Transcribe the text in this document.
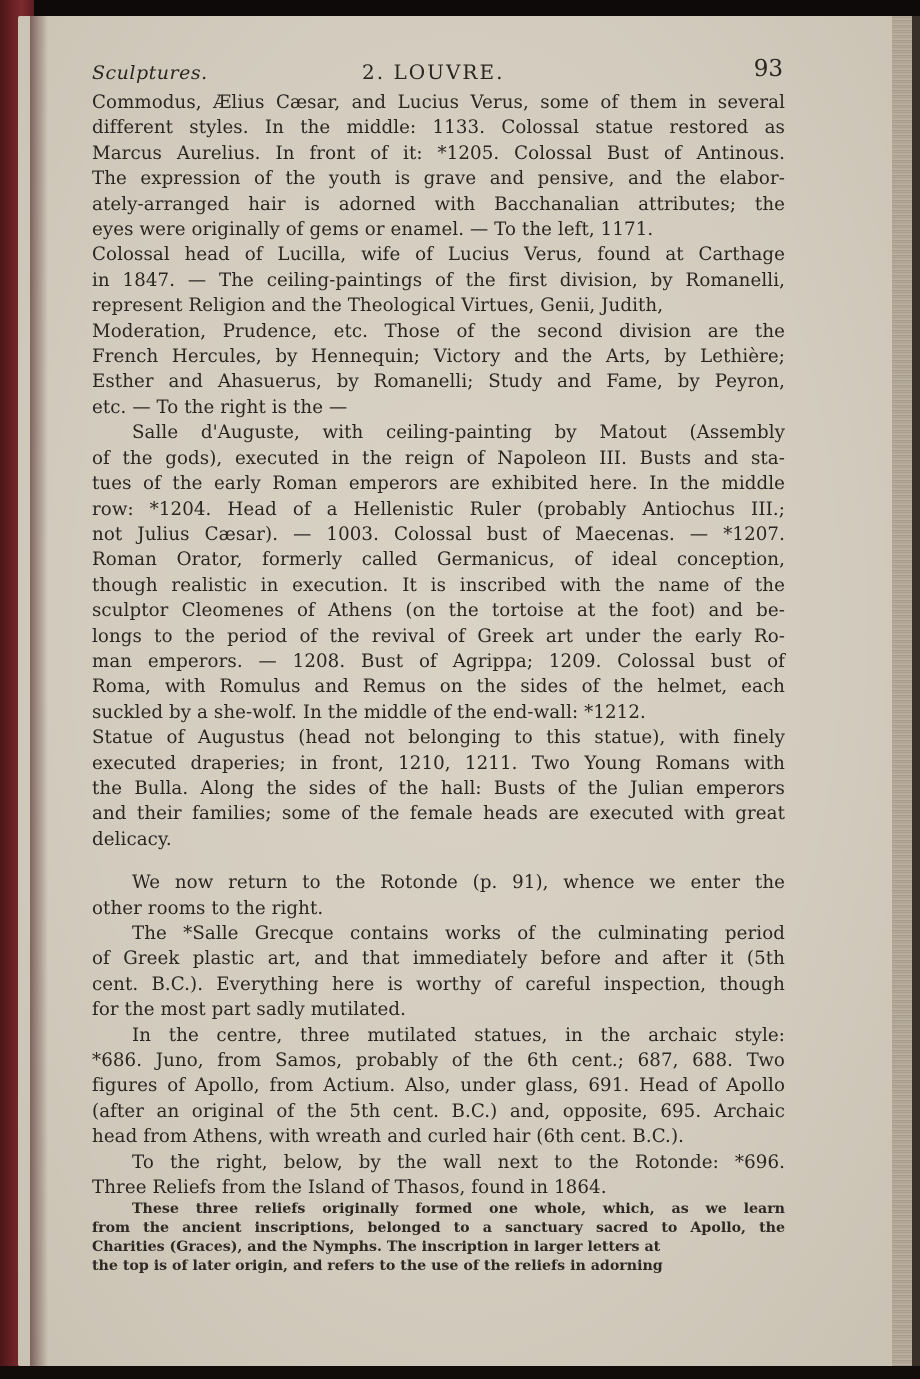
Sculptures.	2. LOUVRE.	93
Commodus, Ælius Cæsar, and Lucius Verus, some of them in several
different styles. In the middle: 1133. Colossal statue restored as
Marcus Aurelius. In front of it: *1205. Colossal Bust of Antinous.
The expression of the youth is grave and pensive, and the elabor-
ately-arranged hair is adorned with Bacchanalian attributes; the
eyes were originally of gems or enamel. — To the left, 1171.
Colossal head of Lucilla, wife of Lucius Verus, found at Carthage
in 1847. — The ceiling-paintings of the first division, by Romanelli,
represent Religion and the Theological Virtues, Genii, Judith,
Moderation, Prudence, etc. Those of the second division are the
French Hercules, by Hennequin; Victory and the Arts, by Lethière;
Esther and Ahasuerus, by Romanelli; Study and Fame, by Peyron,
etc. — To the right is the —
Salle d'Auguste, with ceiling-painting by Matout (Assembly
of the gods), executed in the reign of Napoleon III. Busts and sta-
tues of the early Roman emperors are exhibited here. In the middle
row: *1204. Head of a Hellenistic Ruler (probably Antiochus III.;
not Julius Cæsar). — 1003. Colossal bust of Maecenas. — *1207.
Roman Orator, formerly called Germanicus, of ideal conception,
though realistic in execution. It is inscribed with the name of the
sculptor Cleomenes of Athens (on the tortoise at the foot) and be-
longs to the period of the revival of Greek art under the early Ro-
man emperors. — 1208. Bust of Agrippa; 1209. Colossal bust of
Roma, with Romulus and Remus on the sides of the helmet, each
suckled by a she-wolf. In the middle of the end-wall: *1212.
Statue of Augustus (head not belonging to this statue), with finely
executed draperies; in front, 1210, 1211. Two Young Romans with
the Bulla. Along the sides of the hall: Busts of the Julian emperors
and their families; some of the female heads are executed with great
delicacy.
We now return to the Rotonde (p. 91), whence we enter the
other rooms to the right.
The *Salle Grecque contains works of the culminating period
of Greek plastic art, and that immediately before and after it (5th
cent. B.C.). Everything here is worthy of careful inspection, though
for the most part sadly mutilated.
In the centre, three mutilated statues, in the archaic style:
*686. Juno, from Samos, probably of the 6th cent.; 687, 688. Two
figures of Apollo, from Actium. Also, under glass, 691. Head of Apollo
(after an original of the 5th cent. B.C.) and, opposite, 695. Archaic
head from Athens, with wreath and curled hair (6th cent. B.C.).
To the right, below, by the wall next to the Rotonde: *696.
Three Reliefs from the Island of Thasos, found in 1864.
These three reliefs originally formed one whole, which, as we learn
from the ancient inscriptions, belonged to a sanctuary sacred to Apollo, the
Charities (Graces), and the Nymphs. The inscription in larger letters at
the top is of later origin, and refers to the use of the reliefs in adorning
